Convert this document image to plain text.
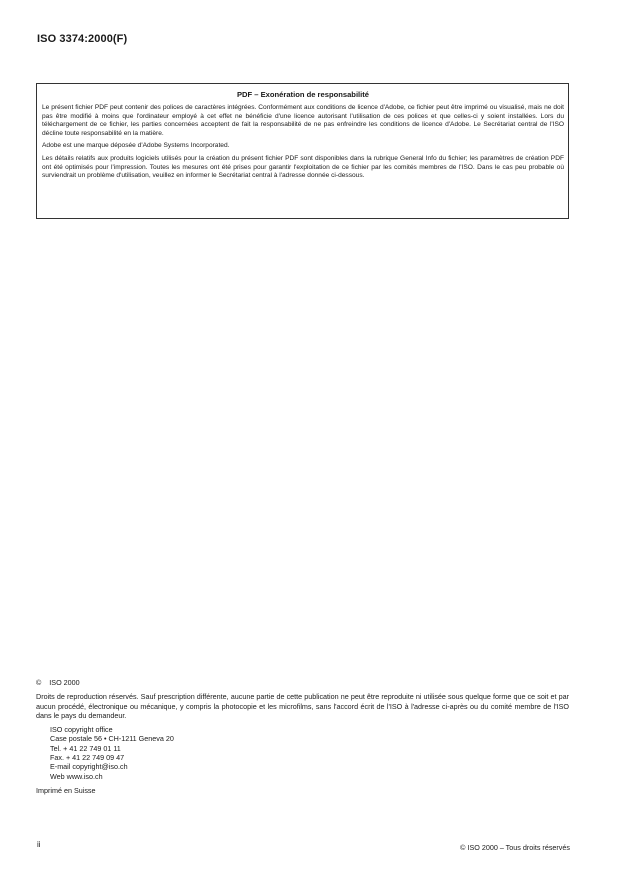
ISO 3374:2000(F)
PDF – Exonération de responsabilité

Le présent fichier PDF peut contenir des polices de caractères intégrées. Conformément aux conditions de licence d'Adobe, ce fichier peut être imprimé ou visualisé, mais ne doit pas être modifié à moins que l'ordinateur employé à cet effet ne bénéficie d'une licence autorisant l'utilisation de ces polices et que celles-ci y soient installées. Lors du téléchargement de ce fichier, les parties concernées acceptent de fait la responsabilité de ne pas enfreindre les conditions de licence d'Adobe. Le Secrétariat central de l'ISO décline toute responsabilité en la matière.

Adobe est une marque déposée d'Adobe Systems Incorporated.

Les détails relatifs aux produits logiciels utilisés pour la création du présent fichier PDF sont disponibles dans la rubrique General Info du fichier; les paramètres de création PDF ont été optimisés pour l'impression. Toutes les mesures ont été prises pour garantir l'exploitation de ce fichier par les comités membres de l'ISO. Dans le cas peu probable où surviendrait un problème d'utilisation, veuillez en informer le Secrétariat central à l'adresse donnée ci-dessous.

© ISO 2000

Droits de reproduction réservés. Sauf prescription différente, aucune partie de cette publication ne peut être reproduite ni utilisée sous quelque forme que ce soit et par aucun procédé, électronique ou mécanique, y compris la photocopie et les microfilms, sans l'accord écrit de l'ISO à l'adresse ci-après ou du comité membre de l'ISO dans le pays du demandeur.

ISO copyright office
Case postale 56 • CH-1211 Geneva 20
Tel. + 41 22 749 01 11
Fax. + 41 22 749 09 47
E-mail copyright@iso.ch
Web www.iso.ch

Imprimé en Suisse

ii	© ISO 2000 – Tous droits réservés
